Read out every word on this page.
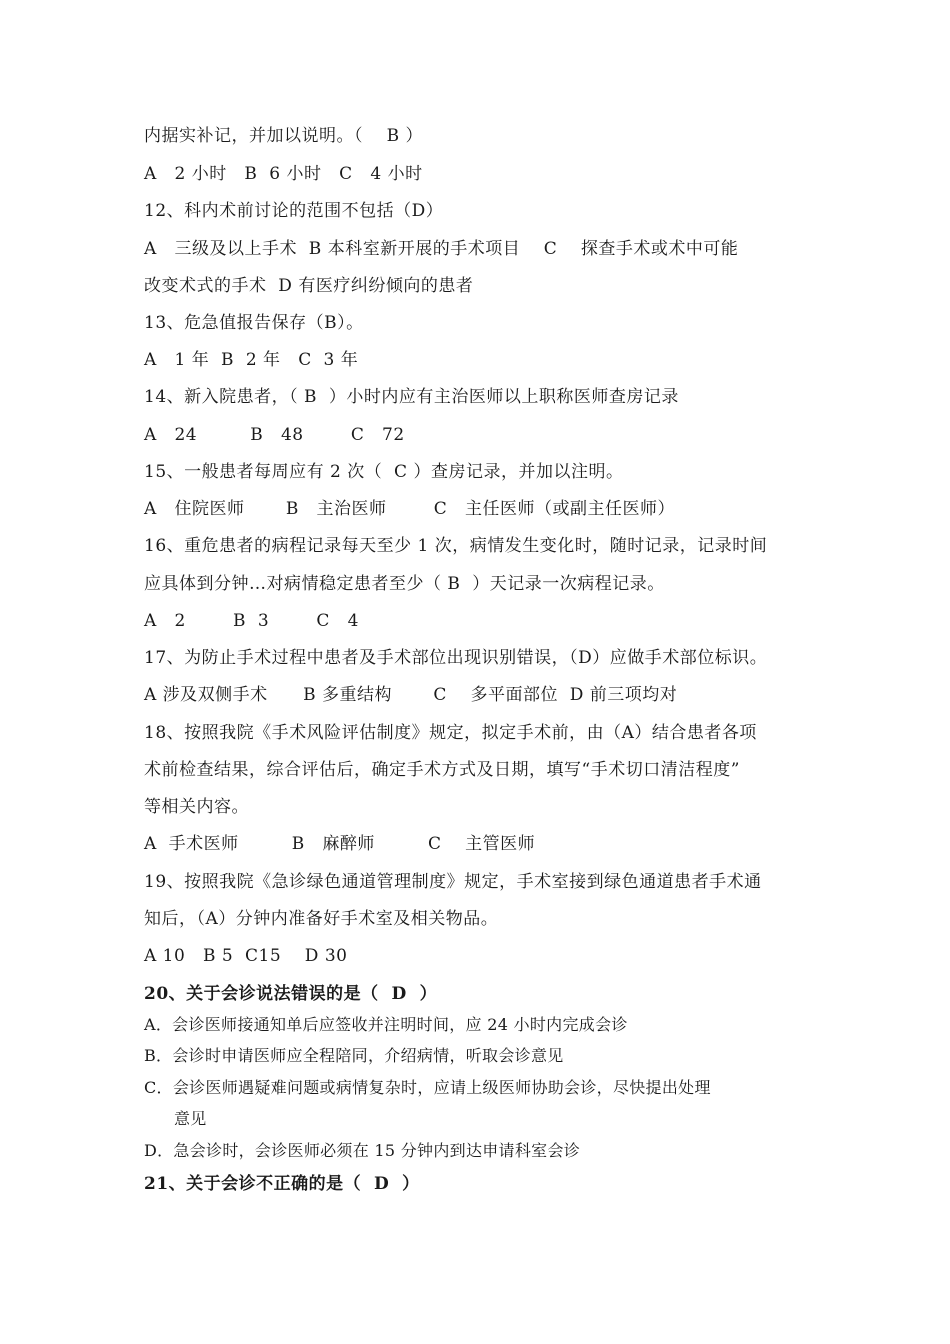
内据实补记，并加以说明。（    B ）
A   2 小时   B  6 小时   C   4 小时
12、科内术前讨论的范围不包括（D）
A   三级及以上手术  B 本科室新开展的手术项目    C    探查手术或术中可能
改变术式的手术  D 有医疗纠纷倾向的患者
13、危急值报告保存（B）。
A   1 年  B  2 年   C  3 年
14、新入院患者，（ B  ）小时内应有主治医师以上职称医师查房记录
A   24         B   48        C   72
15、一般患者每周应有 2 次（  C ）查房记录，并加以注明。
A   住院医师       B   主治医师        C   主任医师（或副主任医师）
16、重危患者的病程记录每天至少 1 次，病情发生变化时，随时记录，记录时间
应具体到分钟…对病情稳定患者至少（ B  ）天记录一次病程记录。
A   2        B  3        C   4
17、为防止手术过程中患者及手术部位出现识别错误，（D）应做手术部位标识。
A 涉及双侧手术      B 多重结构       C    多平面部位  D 前三项均对
18、按照我院《手术风险评估制度》规定，拟定手术前，由（A）结合患者各项
术前检查结果，综合评估后，确定手术方式及日期，填写“手术切口清洁程度”
等相关内容。
A  手术医师         B   麻醉师         C    主管医师
19、按照我院《急诊绿色通道管理制度》规定，手术室接到绿色通道患者手术通
知后，（A）分钟内准备好手术室及相关物品。
A 10   B 5  C15    D 30
20、关于会诊说法错误的是（  D  ）
A．会诊医师接通知单后应签收并注明时间，应 24 小时内完成会诊
B．会诊时申请医师应全程陪同，介绍病情，听取会诊意见
C．会诊医师遇疑难问题或病情复杂时，应请上级医师协助会诊，尽快提出处理
意见
D．急会诊时，会诊医师必须在 15 分钟内到达申请科室会诊
21、关于会诊不正确的是（  D  ）
